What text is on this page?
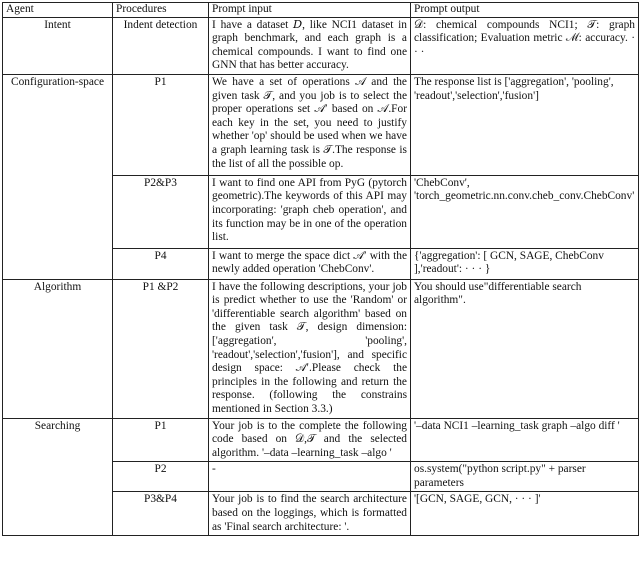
Agent	Procedures	Prompt input	Prompt output
Intent	Indent detection	I have a dataset 𝐷, like NCI1 dataset in graph benchmark, and each graph is a chemical compounds. I want to find one GNN that has better accuracy.	𝒟: chemical compounds NCI1; 𝒯: graph classification; Evaluation metric ℳ: accuracy. · · ·
Configuration-space	P1	We have a set of operations 𝒜 and the given task 𝒯, and you job is to select the proper operations set 𝒜′ based on 𝒜.For each key in the set, you need to justify whether 'op' should be used when we have a graph learning task is 𝒯.The response is the list of all the possible op.	The response list is ['aggregation', 'pooling', 'readout','selection','fusion']
	P2&P3	I want to find one API from PyG (pytorch geometric).The keywords of this API may incorporating: 'graph cheb operation', and its function may be in one of the operation list.	'ChebConv', 'torch_geometric.nn.conv.cheb_conv.ChebConv'
	P4	I want to merge the space dict 𝒜′ with the newly added operation 'ChebConv'.	{'aggregation': [ GCN, SAGE, ChebConv ],'readout': · · · }
Algorithm	P1 &P2	I have the following descriptions, your job is predict whether to use the 'Random' or 'differentiable search algorithm' based on the given task 𝒯, design dimension: ['aggregation', 'pooling', 'readout','selection','fusion'], and specific design space: 𝒜′.Please check the principles in the following and return the response. (following the constrains mentioned in Section 3.3.)	You should use"differentiable search algorithm".
Searching	P1	Your job is to the complete the following code based on 𝒟,𝒯 and the selected algorithm. '–data –learning_task –algo '	'–data NCI1 –learning_task graph –algo diff '
	P2	-	os.system("python script.py" + parser parameters
	P3&P4	Your job is to find the search architecture based on the loggings, which is formatted as 'Final search architecture: '.	'[GCN, SAGE, GCN, · · · ]'
